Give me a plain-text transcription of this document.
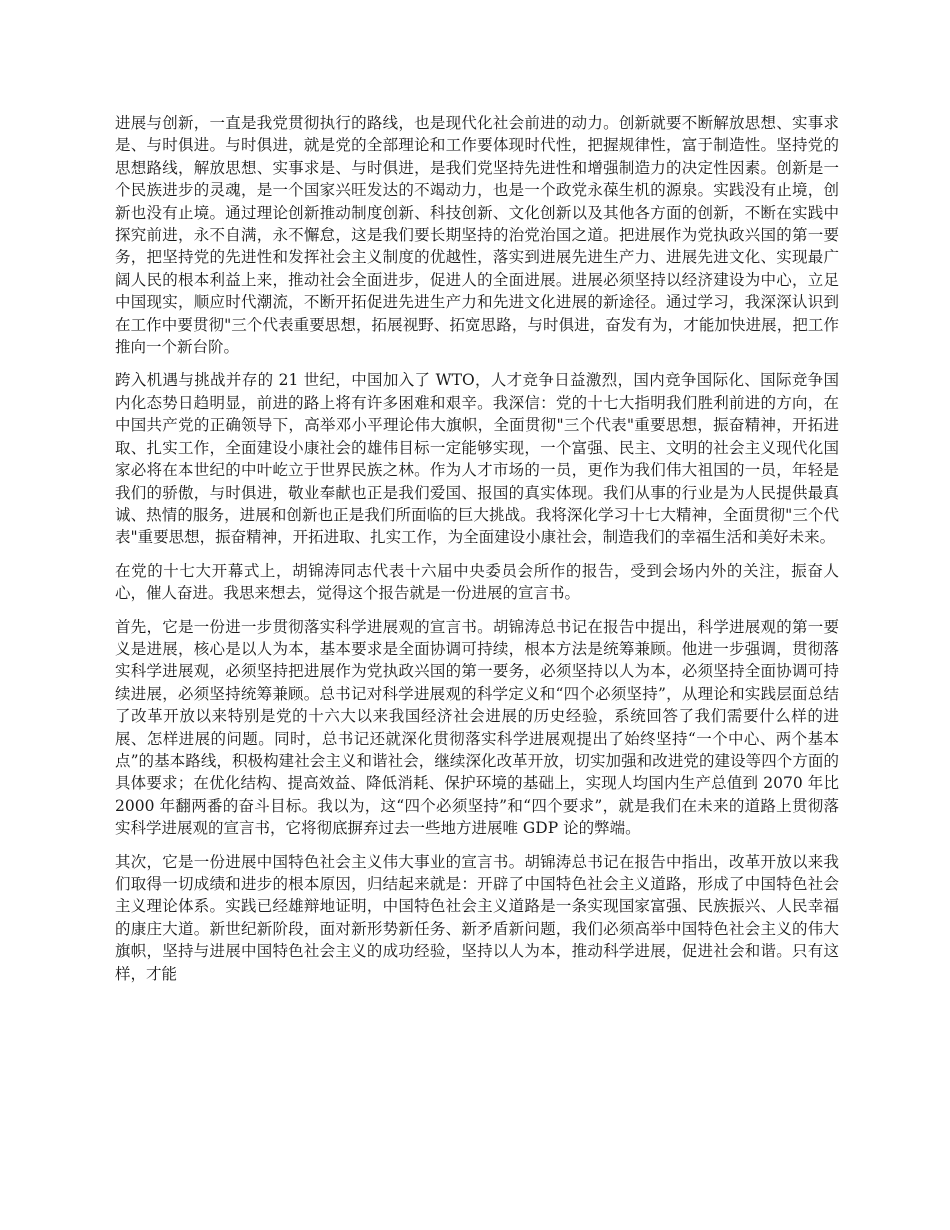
进展与创新，一直是我党贯彻执行的路线，也是现代化社会前进的动力。创新就要不断解放思想、实事求是、与时俱进。与时俱进，就是党的全部理论和工作要体现时代性，把握规律性，富于制造性。坚持党的思想路线，解放思想、实事求是、与时俱进，是我们党坚持先进性和增强制造力的决定性因素。创新是一个民族进步的灵魂，是一个国家兴旺发达的不竭动力，也是一个政党永葆生机的源泉。实践没有止境，创新也没有止境。通过理论创新推动制度创新、科技创新、文化创新以及其他各方面的创新，不断在实践中探究前进，永不自满，永不懈怠，这是我们要长期坚持的治党治国之道。把进展作为党执政兴国的第一要务，把坚持党的先进性和发挥社会主义制度的优越性，落实到进展先进生产力、进展先进文化、实现最广阔人民的根本利益上来，推动社会全面进步，促进人的全面进展。进展必须坚持以经济建设为中心，立足中国现实，顺应时代潮流，不断开拓促进先进生产力和先进文化进展的新途径。通过学习，我深深认识到在工作中要贯彻"三个代表重要思想，拓展视野、拓宽思路，与时俱进，奋发有为，才能加快进展，把工作推向一个新台阶。

跨入机遇与挑战并存的 21 世纪，中国加入了 WTO，人才竞争日益激烈，国内竞争国际化、国际竞争国内化态势日趋明显，前进的路上将有许多困难和艰辛。我深信：党的十七大指明我们胜利前进的方向，在中国共产党的正确领导下，高举邓小平理论伟大旗帜，全面贯彻"三个代表"重要思想，振奋精神，开拓进取、扎实工作，全面建设小康社会的雄伟目标一定能够实现，一个富强、民主、文明的社会主义现代化国家必将在本世纪的中叶屹立于世界民族之林。作为人才市场的一员，更作为我们伟大祖国的一员，年轻是我们的骄傲，与时俱进，敬业奉献也正是我们爱国、报国的真实体现。我们从事的行业是为人民提供最真诚、热情的服务，进展和创新也正是我们所面临的巨大挑战。我将深化学习十七大精神，全面贯彻"三个代表"重要思想，振奋精神，开拓进取、扎实工作，为全面建设小康社会，制造我们的幸福生活和美好未来。

在党的十七大开幕式上，胡锦涛同志代表十六届中央委员会所作的报告，受到会场内外的关注，振奋人心，催人奋进。我思来想去，觉得这个报告就是一份进展的宣言书。

首先，它是一份进一步贯彻落实科学进展观的宣言书。胡锦涛总书记在报告中提出，科学进展观的第一要义是进展，核心是以人为本，基本要求是全面协调可持续，根本方法是统筹兼顾。他进一步强调，贯彻落实科学进展观，必须坚持把进展作为党执政兴国的第一要务，必须坚持以人为本，必须坚持全面协调可持续进展，必须坚持统筹兼顾。总书记对科学进展观的科学定义和“四个必须坚持”，从理论和实践层面总结了改革开放以来特别是党的十六大以来我国经济社会进展的历史经验，系统回答了我们需要什么样的进展、怎样进展的问题。同时，总书记还就深化贯彻落实科学进展观提出了始终坚持“一个中心、两个基本点”的基本路线，积极构建社会主义和谐社会，继续深化改革开放，切实加强和改进党的建设等四个方面的具体要求；在优化结构、提高效益、降低消耗、保护环境的基础上，实现人均国内生产总值到 2070 年比 2000 年翻两番的奋斗目标。我以为，这“四个必须坚持”和“四个要求”，就是我们在未来的道路上贯彻落实科学进展观的宣言书，它将彻底摒弃过去一些地方进展唯 GDP 论的弊端。

其次，它是一份进展中国特色社会主义伟大事业的宣言书。胡锦涛总书记在报告中指出，改革开放以来我们取得一切成绩和进步的根本原因，归结起来就是：开辟了中国特色社会主义道路，形成了中国特色社会主义理论体系。实践已经雄辩地证明，中国特色社会主义道路是一条实现国家富强、民族振兴、人民幸福的康庄大道。新世纪新阶段，面对新形势新任务、新矛盾新问题，我们必须高举中国特色社会主义的伟大旗帜，坚持与进展中国特色社会主义的成功经验，坚持以人为本，推动科学进展，促进社会和谐。只有这样，才能
